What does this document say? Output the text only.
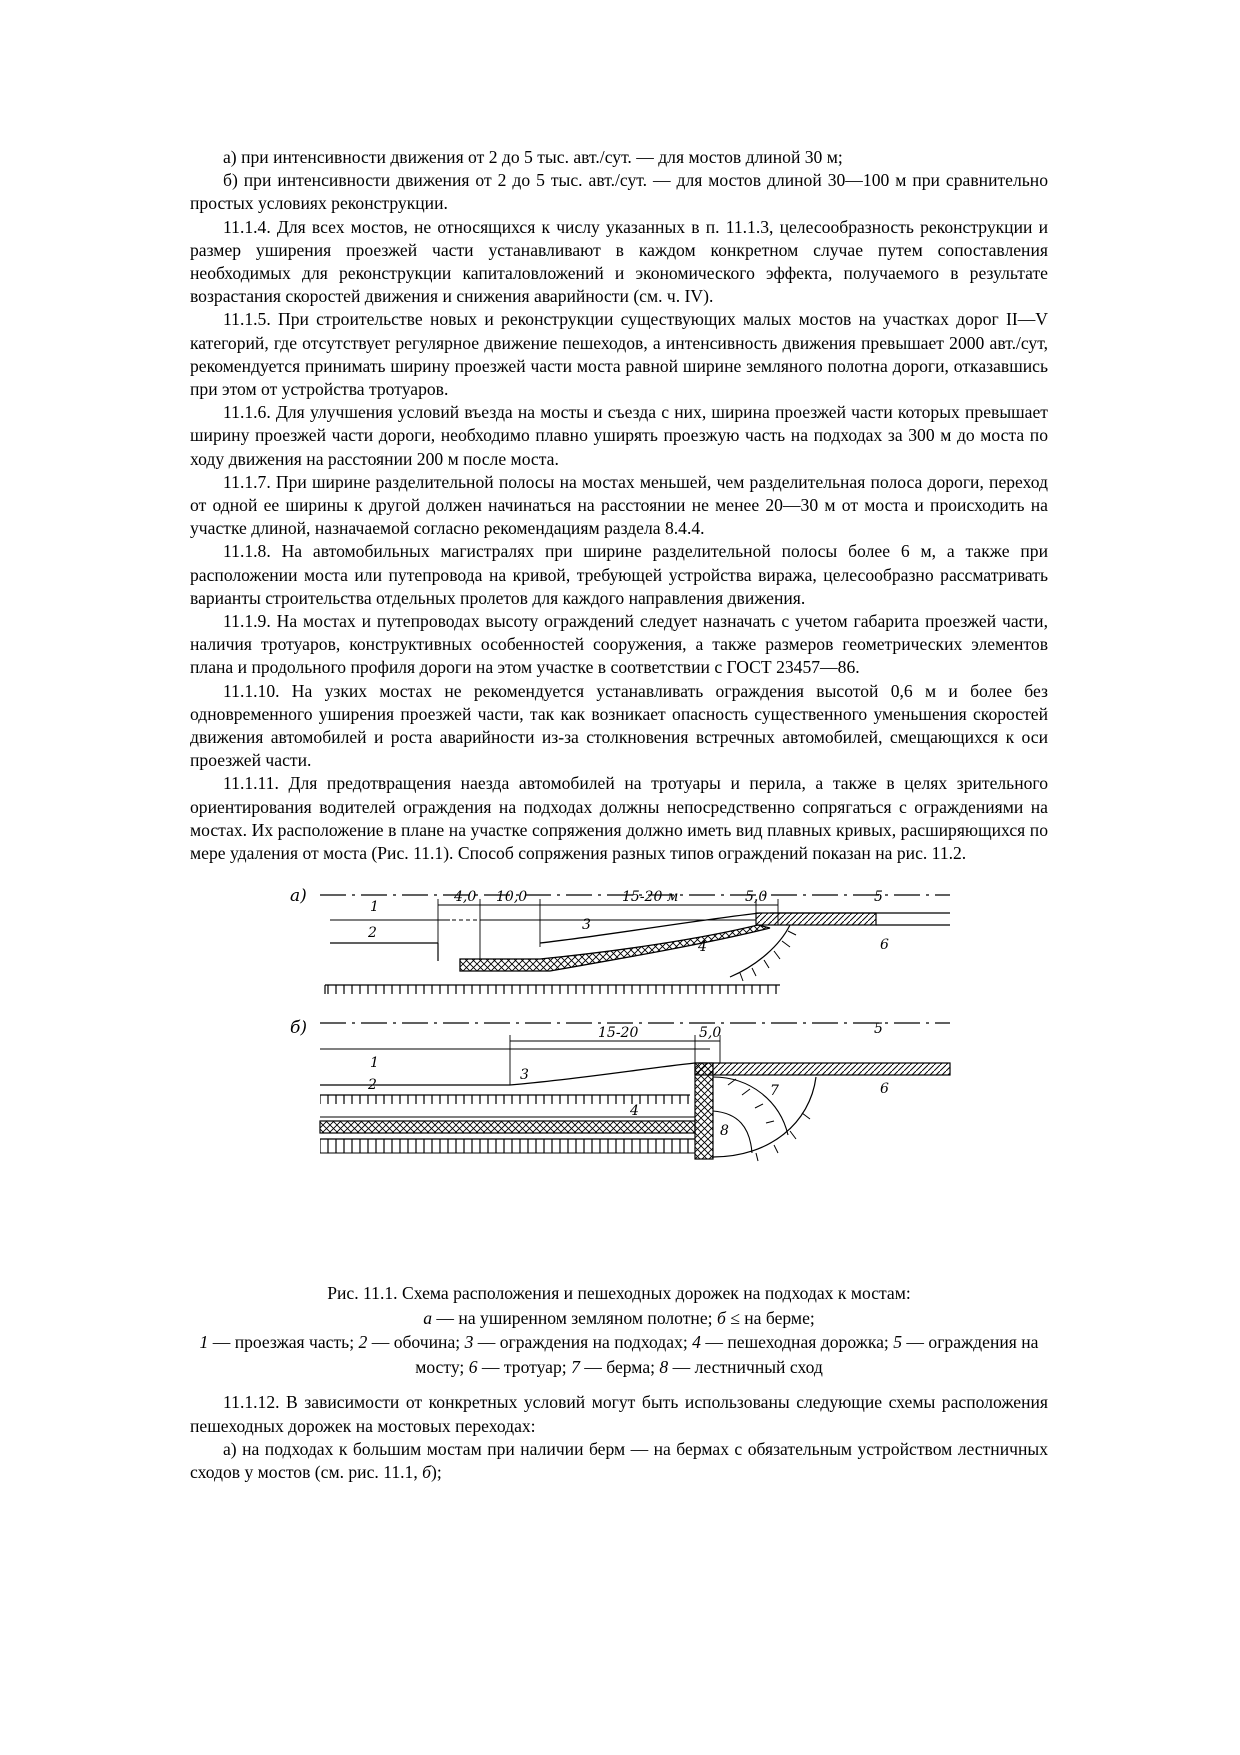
а) при интенсивности движения от 2 до 5 тыс. авт./сут. — для мостов длиной 30 м;

б) при интенсивности движения от 2 до 5 тыс. авт./сут. — для мостов длиной 30—100 м при сравнительно простых условиях реконструкции.

11.1.4. Для всех мостов, не относящихся к числу указанных в п. 11.1.3, целесообразность реконструкции и размер уширения проезжей части устанавливают в каждом конкретном случае путем сопоставления необходимых для реконструкции капиталовложений и экономического эффекта, получаемого в результате возрастания скоростей движения и снижения аварийности (см. ч. IV).

11.1.5. При строительстве новых и реконструкции существующих малых мостов на участках дорог II—V категорий, где отсутствует регулярное движение пешеходов, а интенсивность движения превышает 2000 авт./сут, рекомендуется принимать ширину проезжей части моста равной ширине земляного полотна дороги, отказавшись при этом от устройства тротуаров.

11.1.6. Для улучшения условий въезда на мосты и съезда с них, ширина проезжей части которых превышает ширину проезжей части дороги, необходимо плавно уширять проезжую часть на подходах за 300 м до моста по ходу движения на расстоянии 200 м после моста.

11.1.7. При ширине разделительной полосы на мостах меньшей, чем разделительная полоса дороги, переход от одной ее ширины к другой должен начинаться на расстоянии не менее 20—30 м от моста и происходить на участке длиной, назначаемой согласно рекомендациям раздела 8.4.4.

11.1.8. На автомобильных магистралях при ширине разделительной полосы более 6 м, а также при расположении моста или путепровода на кривой, требующей устройства виража, целесообразно рассматривать варианты строительства отдельных пролетов для каждого направления движения.

11.1.9. На мостах и путепроводах высоту ограждений следует назначать с учетом габарита проезжей части, наличия тротуаров, конструктивных особенностей сооружения, а также размеров геометрических элементов плана и продольного профиля дороги на этом участке в соответствии с ГОСТ 23457—86.

11.1.10. На узких мостах не рекомендуется устанавливать ограждения высотой 0,6 м и более без одновременного уширения проезжей части, так как возникает опасность существенного уменьшения скоростей движения автомобилей и роста аварийности из-за столкновения встречных автомобилей, смещающихся к оси проезжей части.

11.1.11. Для предотвращения наезда автомобилей на тротуары и перила, а также в целях зрительного ориентирования водителей ограждения на подходах должны непосредственно сопрягаться с ограждениями на мостах. Их расположение в плане на участке сопряжения должно иметь вид плавных кривых, расширяющихся по мере удаления от моста (Рис. 11.1). Способ сопряжения разных типов ограждений показан на рис. 11.2.

а)	4,0 10,0	15-20 м	5,0
1
2	3
4
5
6
б)	15-20	5,0
1
2
3
4
5
6
7
8
Рис. 11.1. Схема расположения и пешеходных дорожек на подходах к мостам:
а — на уширенном земляном полотне; б ≤ на берме;
1 — проезжая часть; 2 — обочина; 3 — ограждения на подходах; 4 — пешеходная дорожка; 5 — ограждения на мосту; 6 — тротуар; 7 — берма; 8 — лестничный сход

11.1.12. В зависимости от конкретных условий могут быть использованы следующие схемы расположения пешеходных дорожек на мостовых переходах:

а) на подходах к большим мостам при наличии берм — на бермах с обязательным устройством лестничных сходов у мостов (см. рис. 11.1, б);
